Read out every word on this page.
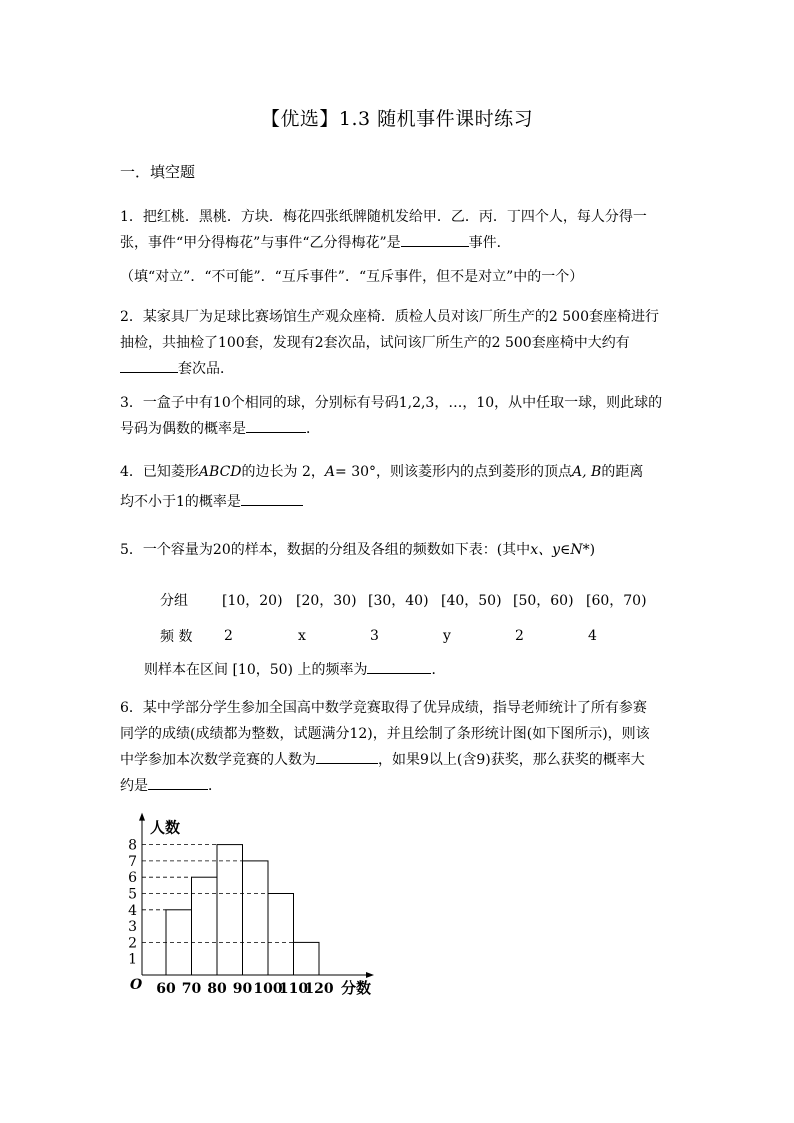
【优选】1.3 随机事件课时练习
一．填空题

1．把红桃．黑桃．方块．梅花四张纸牌随机发给甲．乙．丙．丁四个人，每人分得一

张，事件“甲分得梅花”与事件“乙分得梅花”是	事件．

（填“对立”．“不可能”．“互斥事件”．“互斥事件，但不是对立”中的一个）

2．某家具厂为足球比赛场馆生产观众座椅．质检人员对该厂所生产的2 500套座椅进行

抽检，共抽检了100套，发现有2套次品，试问该厂所生产的2 500套座椅中大约有

套次品．

3．一盒子中有10个相同的球，分别标有号码1,2,3，…，10，从中任取一球，则此球的

号码为偶数的概率是	．

4．已知菱形ABCD的边长为 2，A= 30°，则该菱形内的点到菱形的顶点A, B的距离

均不小于1的概率是

5．一个容量为20的样本，数据的分组及各组的频数如下表：(其中x、y∈N*)

分组	[10，20)	[20，30)	[30，40)	[40，50)	[50，60)	[60，70)
频 数	2	x	3	y	2	4
则样本在区间 [10，50) 上的频率为	．

6．某中学部分学生参加全国高中数学竞赛取得了优异成绩，指导老师统计了所有参赛

同学的成绩(成绩都为整数，试题满分12)，并且绘制了条形统计图(如下图所示)，则该

中学参加本次数学竞赛的人数为	，如果9以上(含9)获奖，那么获奖的概率大

约是	．

1
2
3
4
5
6
7
8
60 70 80 90 100
110
120
人数
分数
O
